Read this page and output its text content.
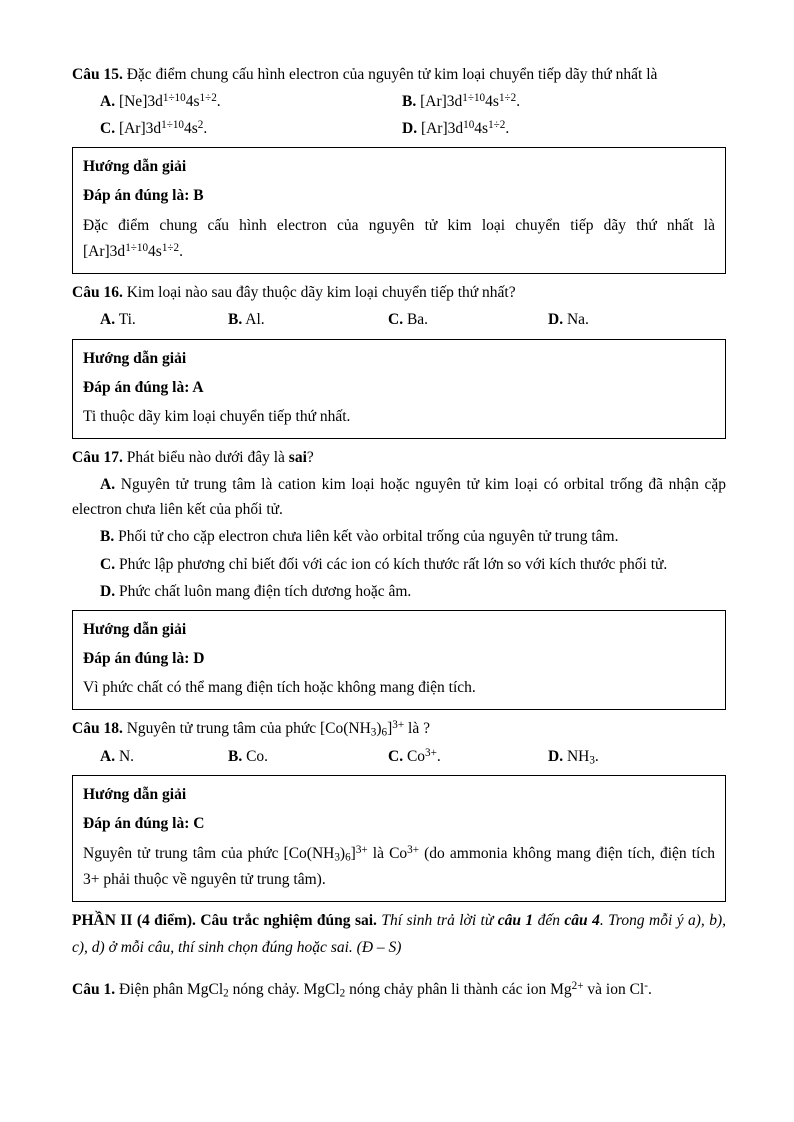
Câu 15. Đặc điểm chung cấu hình electron của nguyên tử kim loại chuyển tiếp dãy thứ nhất là

A. $[Ne]3d^{1\div 10}4s^{1\div 2}$.	B. $[Ar]3d^{1\div 10}4s^{1\div 2}$.
C. $[Ar]3d^{1\div 10}4s^2$.	D. $[Ar]3d^{10}4s^{1\div 2}$.
Hướng dẫn giải
Đáp án đúng là: B
Đặc điểm chung cấu hình electron của nguyên tử kim loại chuyển tiếp dãy thứ nhất là $[Ar]3d^{1\div 10}4s^{1\div 2}$.

Câu 16. Kim loại nào sau đây thuộc dãy kim loại chuyển tiếp thứ nhất?

A. Ti.	B. Al.	C. Ba.	D. Na.
Hướng dẫn giải
Đáp án đúng là: A
Ti thuộc dãy kim loại chuyển tiếp thứ nhất.

Câu 17. Phát biểu nào dưới đây là sai?

A. Nguyên tử trung tâm là cation kim loại hoặc nguyên tử kim loại có orbital trống đã nhận cặp electron chưa liên kết của phối tử.

B. Phối tử cho cặp electron chưa liên kết vào orbital trống của nguyên tử trung tâm.

C. Phức lập phương chỉ biết đối với các ion có kích thước rất lớn so với kích thước phối tử.

D. Phức chất luôn mang điện tích dương hoặc âm.

Hướng dẫn giải
Đáp án đúng là: D
Vì phức chất có thể mang điện tích hoặc không mang điện tích.

Câu 18. Nguyên tử trung tâm của phức $[Co(NH_3)_6]^{3+}$ là ?

A. N.	B. Co.	C. $Co^{3+}$.	D. $NH_3$.
Hướng dẫn giải
Đáp án đúng là: C
Nguyên tử trung tâm của phức $[Co(NH_3)_6]^{3+}$ là $Co^{3+}$ (do ammonia không mang điện tích, điện tích 3+ phải thuộc về nguyên tử trung tâm).

PHẦN II (4 điểm). Câu trắc nghiệm đúng sai. Thí sinh trả lời từ câu 1 đến câu 4. Trong mỗi ý a), b), c), d) ở mỗi câu, thí sinh chọn đúng hoặc sai. (Đ – S)

Câu 1. Điện phân MgCl$_2$ nóng chảy. MgCl$_2$ nóng chảy phân li thành các ion $Mg^{2+}$ và ion Cl-.
